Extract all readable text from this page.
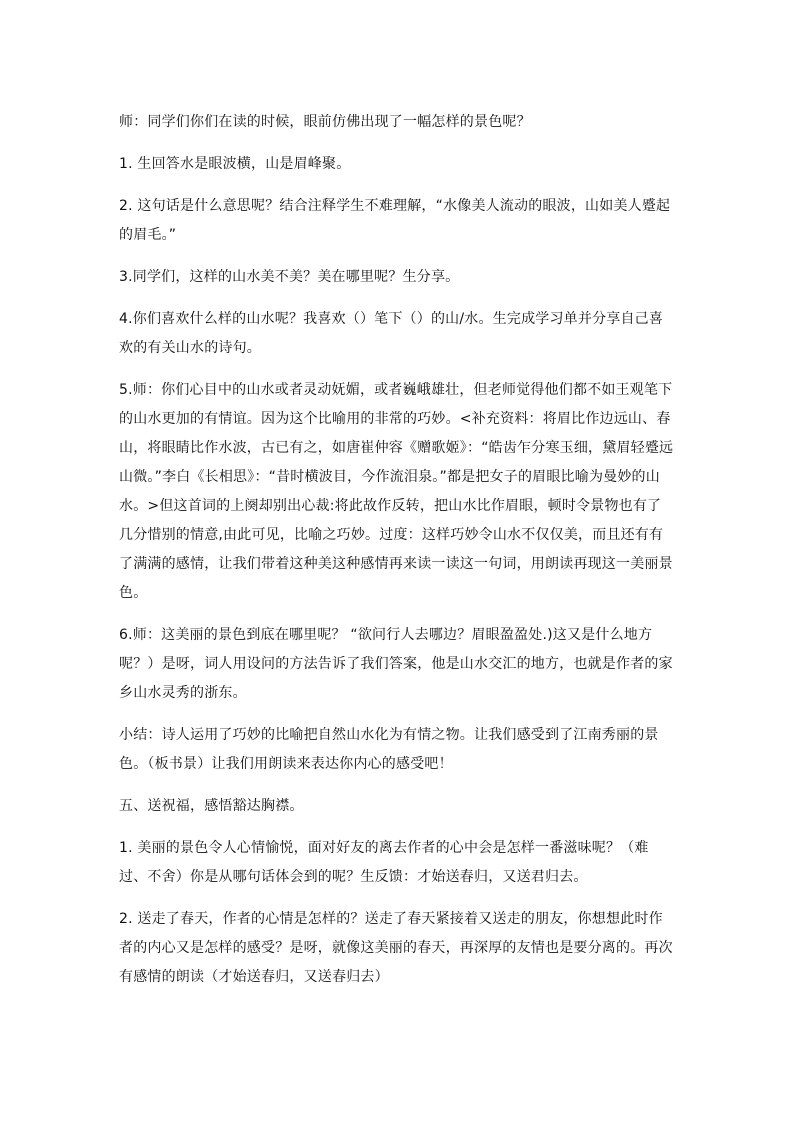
师：同学们你们在读的时候，眼前仿佛出现了一幅怎样的景色呢？

1. 生回答水是眼波横，山是眉峰聚。

2. 这句话是什么意思呢？结合注释学生不难理解，“水像美人流动的眼波，山如美人蹙起的眉毛。”

3.同学们，这样的山水美不美？美在哪里呢？生分享。

4.你们喜欢什么样的山水呢？我喜欢（）笔下（）的山/水。生完成学习单并分享自己喜欢的有关山水的诗句。

5.师：你们心目中的山水或者灵动妩媚，或者巍峨雄壮，但老师觉得他们都不如王观笔下的山水更加的有情谊。因为这个比喻用的非常的巧妙。<补充资料：将眉比作边远山、春山，将眼睛比作水波，古已有之，如唐崔仲容《赠歌姬》：“皓齿乍分寒玉细，黛眉轻蹙远山微。”李白《长相思》：“昔时横波目，今作流泪泉。”都是把女子的眉眼比喻为曼妙的山水。>但这首词的上阕却别出心裁:将此故作反转，把山水比作眉眼，顿时令景物也有了几分惜别的情意,由此可见，比喻之巧妙。过度：这样巧妙令山水不仅仅美，而且还有有了满满的感情，让我们带着这种美这种感情再来读一读这一句词，用朗读再现这一美丽景色。

6.师：这美丽的景色到底在哪里呢？ “欲问行人去哪边？眉眼盈盈处.)这又是什么地方呢？）是呀，词人用设问的方法告诉了我们答案，他是山水交汇的地方，也就是作者的家乡山水灵秀的浙东。

小结：诗人运用了巧妙的比喻把自然山水化为有情之物。让我们感受到了江南秀丽的景色。（板书景）让我们用朗读来表达你内心的感受吧！

五、送祝福，感悟豁达胸襟。

1. 美丽的景色令人心情愉悦，面对好友的离去作者的心中会是怎样一番滋味呢？（难过、不舍）你是从哪句话体会到的呢？生反馈：才始送春归，又送君归去。

2. 送走了春天，作者的心情是怎样的？送走了春天紧接着又送走的朋友，你想想此时作者的内心又是怎样的感受？是呀，就像这美丽的春天，再深厚的友情也是要分离的。再次有感情的朗读（才始送春归，又送春归去）
